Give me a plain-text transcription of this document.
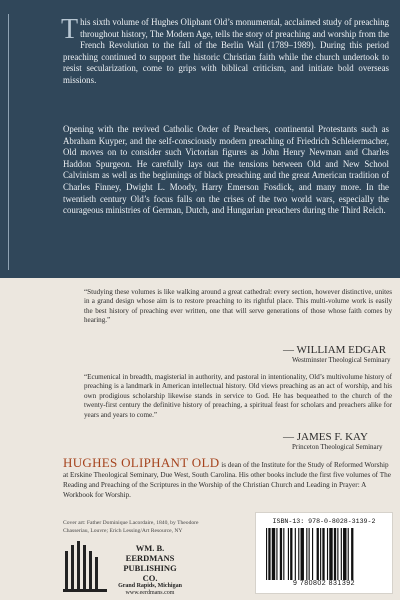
This sixth volume of Hughes Oliphant Old’s monumental, acclaimed study of preaching throughout history, The Modern Age, tells the story of preaching and worship from the French Revolution to the fall of the Berlin Wall (1789–1989). During this period preaching continued to support the historic Christian faith while the church undertook to resist secularization, come to grips with biblical criticism, and initiate bold overseas missions.

Opening with the revived Catholic Order of Preachers, continental Protestants such as Abraham Kuyper, and the self-consciously modern preaching of Friedrich Schleiermacher, Old moves on to consider such Victorian figures as John Henry Newman and Charles Haddon Spurgeon. He carefully lays out the tensions between Old and New School Calvinism as well as the beginnings of black preaching and the great American tradition of Charles Finney, Dwight L. Moody, Harry Emerson Fosdick, and many more. In the twentieth century Old’s focus falls on the crises of the two world wars, especially the courageous ministries of German, Dutch, and Hungarian preachers during the Third Reich.

“Studying these volumes is like walking around a great cathedral: every section, however distinctive, unites in a grand design whose aim is to restore preaching to its rightful place. This multi-volume work is easily the best history of preaching ever written, one that will serve generations of those whose faith comes by hearing.”

— WILLIAM EDGAR
Westminster Theological Seminary

“Ecumenical in breadth, magisterial in authority, and pastoral in intentionality, Old’s multivolume history of preaching is a landmark in American intellectual history. Old views preaching as an act of worship, and his own prodigious scholarship likewise stands in service to God. He has bequeathed to the church of the twenty-first century the definitive history of preaching, a spiritual feast for scholars and preachers alike for years and years to come.”

— JAMES F. KAY
Princeton Theological Seminary

HUGHES OLIPHANT OLD is dean of the Institute for the Study of Reformed Worship at Erskine Theological Seminary, Due West, South Carolina. His other books include the first five volumes of The Reading and Preaching of the Scriptures in the Worship of the Christian Church and Leading in Prayer: A Workbook for Worship.

Cover art: Father Dominique Lacordaire, 1840, by Theodore Chasseriau, Louvre; Erich Lessing/Art Resource, NY

WM. B. EERDMANS
PUBLISHING CO.
Grand Rapids, Michigan
www.eerdmans.com
ISBN-13: 978-0-8028-3139-2
9 780802 831392
